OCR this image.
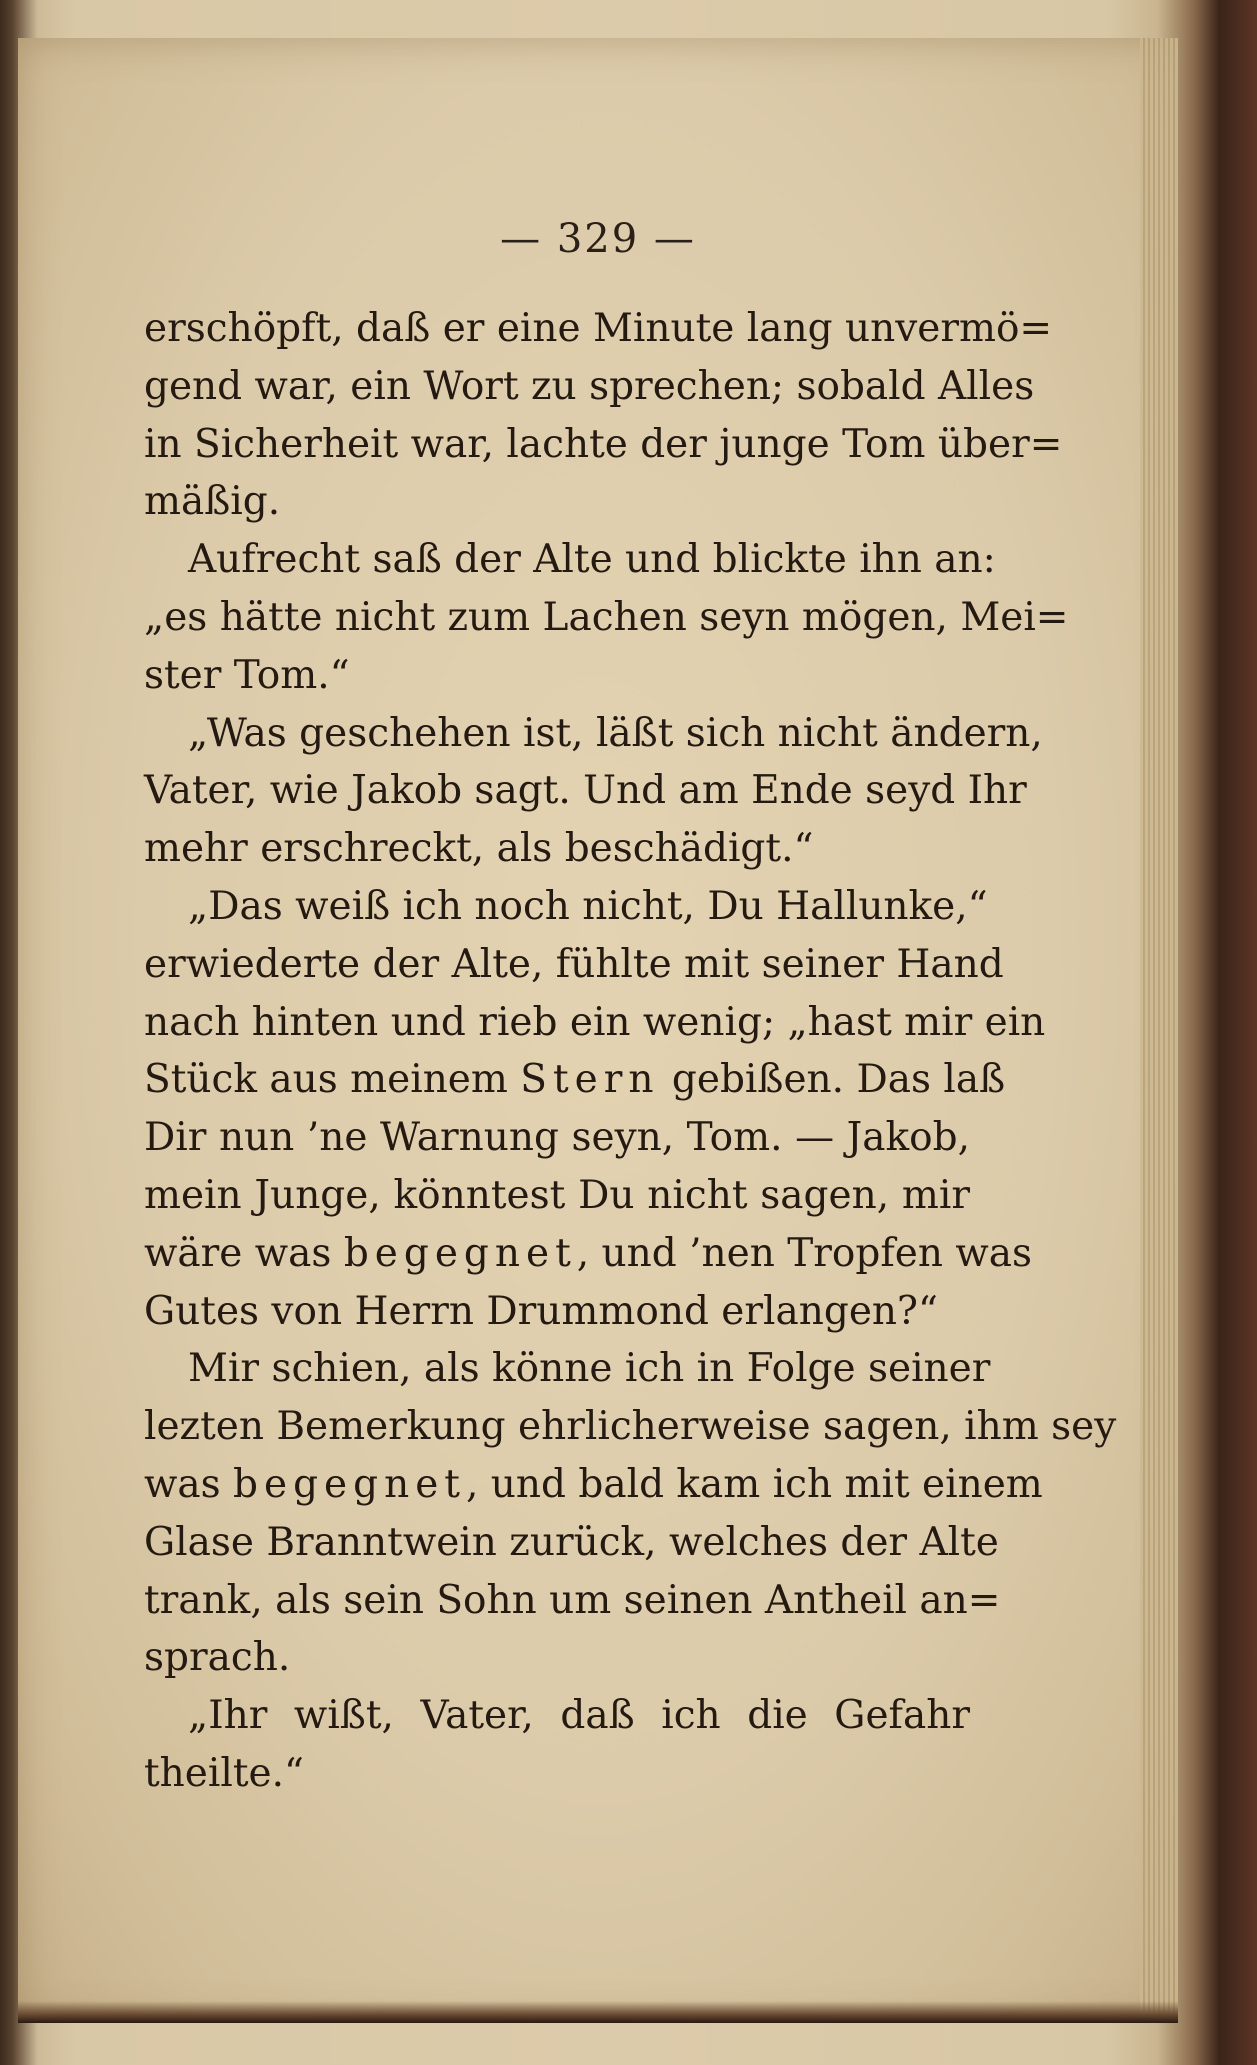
— 329 —
erschöpft, daß er eine Minute lang unvermö=
gend war, ein Wort zu sprechen; sobald Alles
in Sicherheit war, lachte der junge Tom über=
mäßig.
Aufrecht saß der Alte und blickte ihn an:
„es hätte nicht zum Lachen seyn mögen, Mei=
ster Tom.“
„Was geschehen ist, läßt sich nicht ändern,
Vater, wie Jakob sagt. Und am Ende seyd Ihr
mehr erschreckt, als beschädigt.“
„Das weiß ich noch nicht, Du Hallunke,“
erwiederte der Alte, fühlte mit seiner Hand
nach hinten und rieb ein wenig; „hast mir ein
Stück aus meinem Stern gebißen. Das laß
Dir nun ’ne Warnung seyn, Tom. — Jakob,
mein Junge, könntest Du nicht sagen, mir
wäre was begegnet, und ’nen Tropfen was
Gutes von Herrn Drummond erlangen?“
Mir schien, als könne ich in Folge seiner
lezten Bemerkung ehrlicherweise sagen, ihm sey
was begegnet, und bald kam ich mit einem
Glase Branntwein zurück, welches der Alte
trank, als sein Sohn um seinen Antheil an=
sprach.
„Ihr wißt, Vater, daß ich die Gefahr
theilte.“
